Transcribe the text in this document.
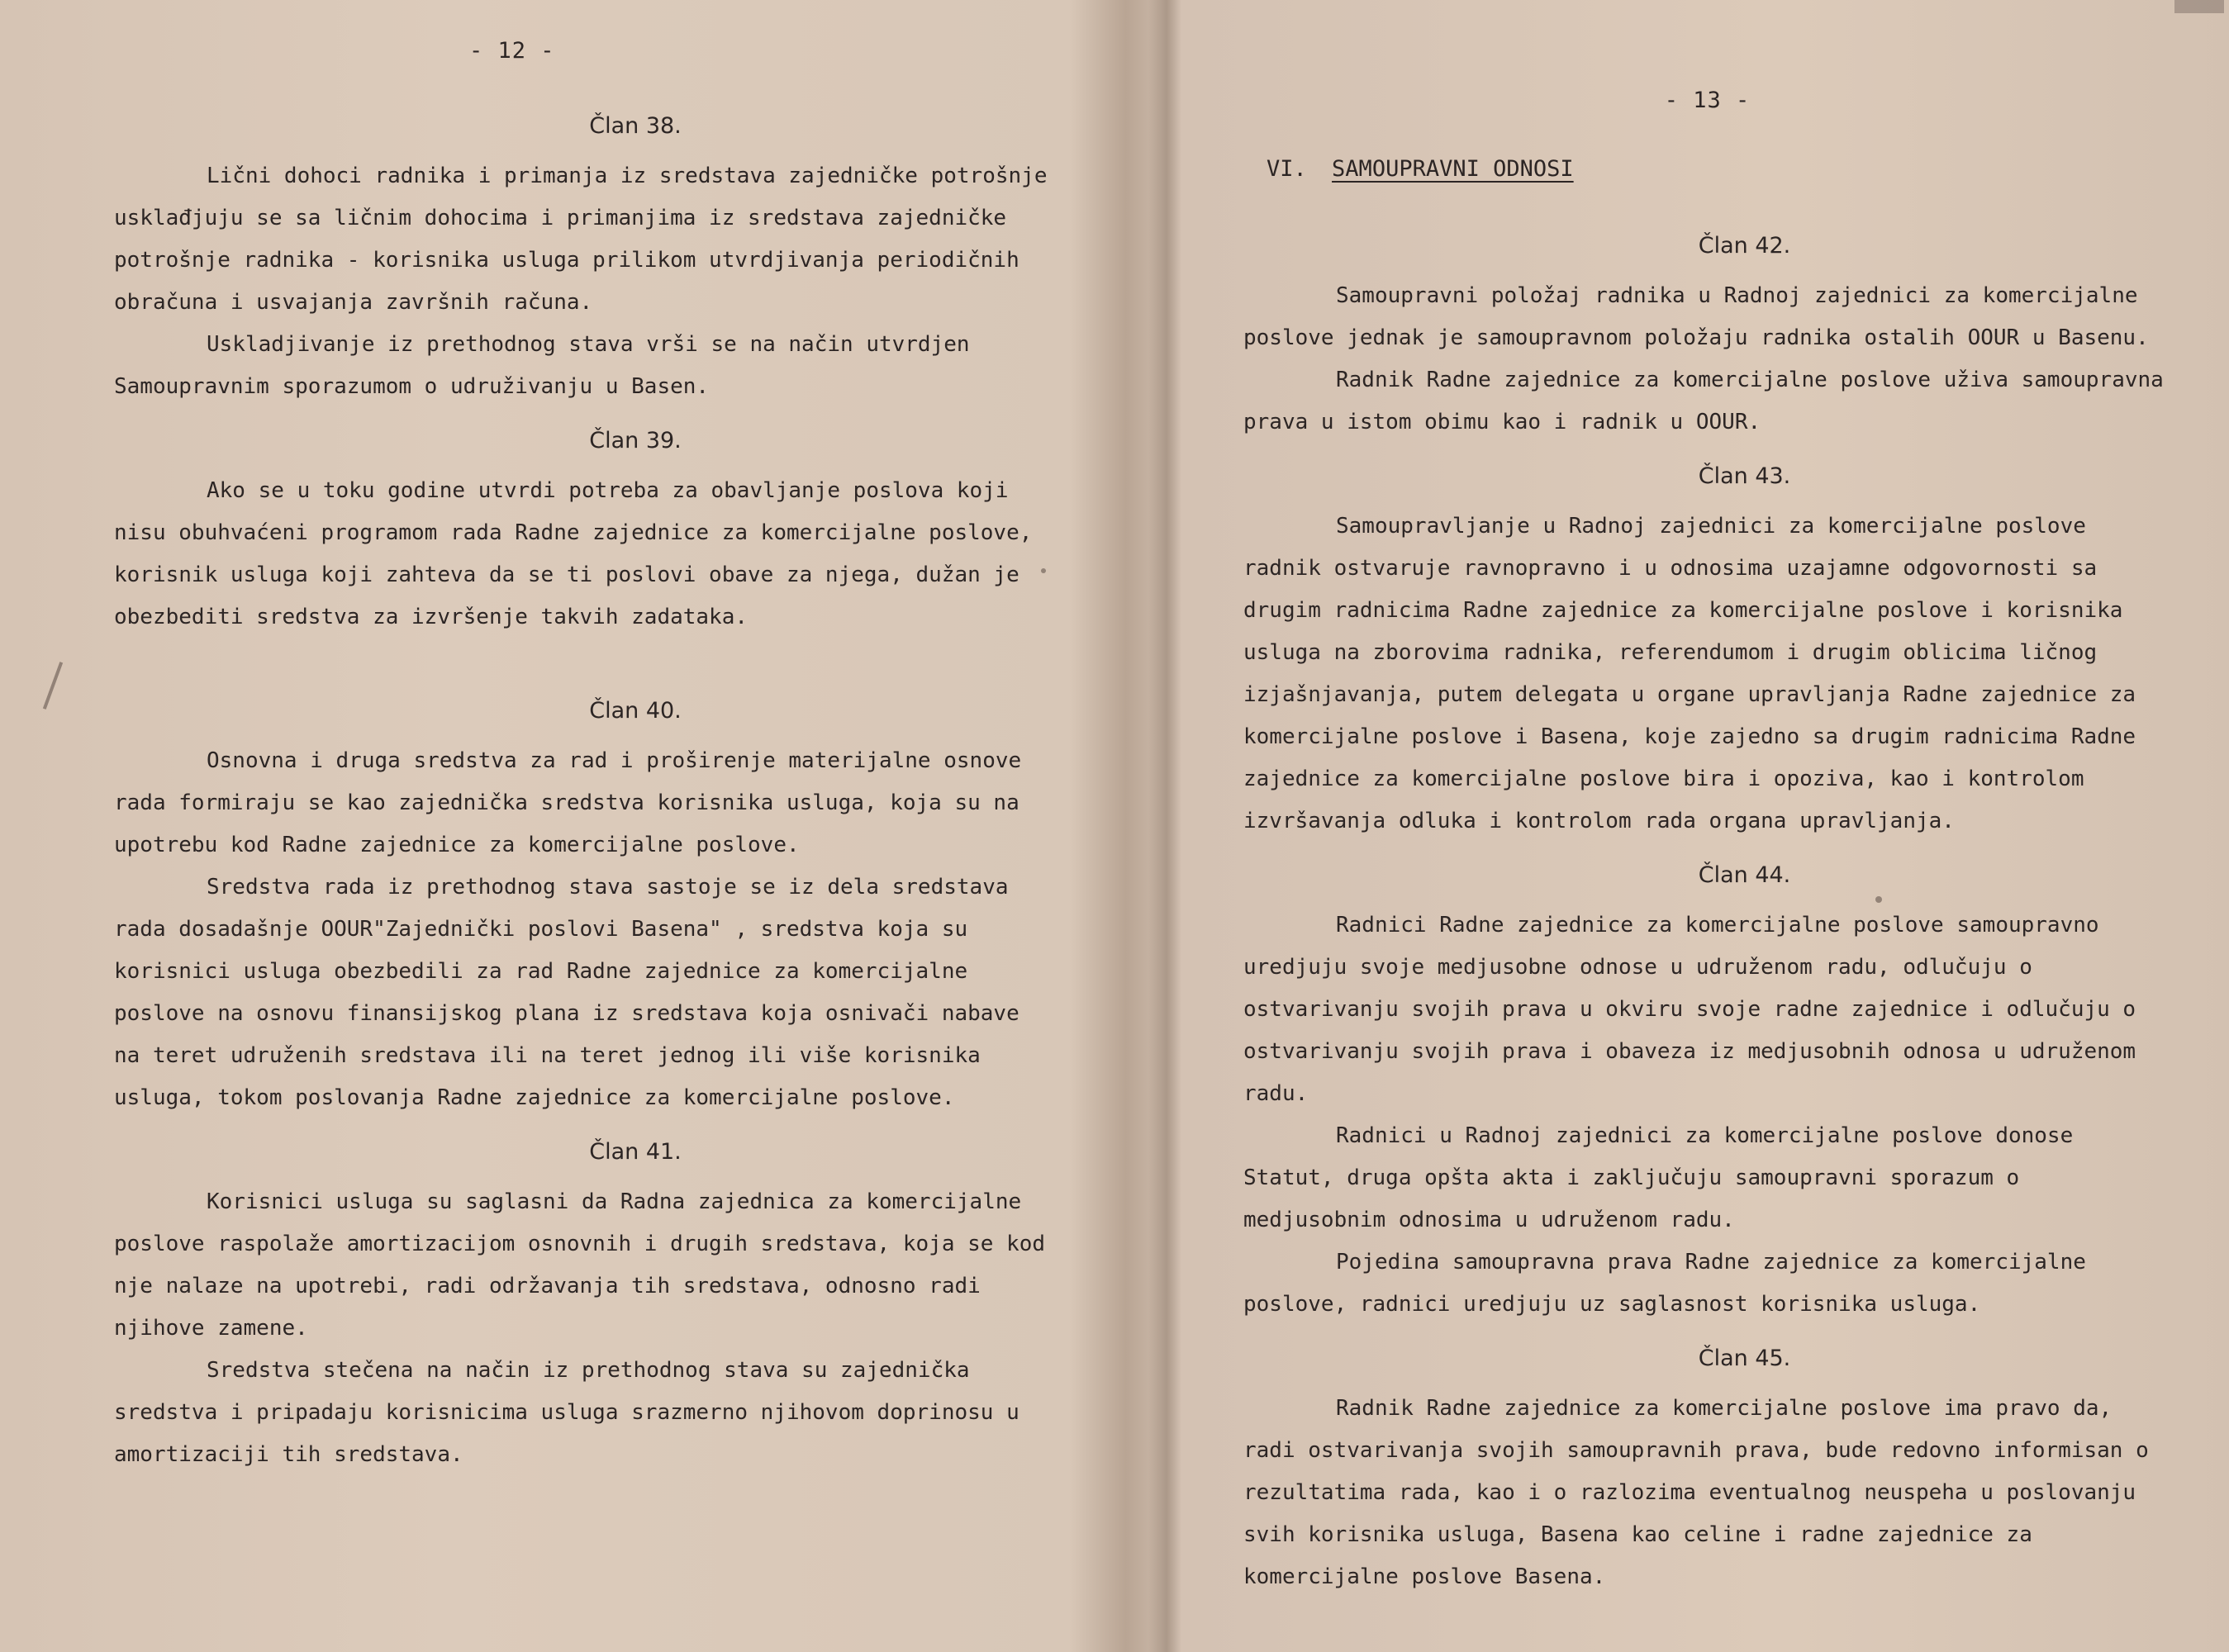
- 12 -
Član 38.

Lični dohoci radnika i primanja iz sredstava zajedničke potrošnje usklađjuju se sa ličnim dohocima i primanjima iz sredstava zajedničke potrošnje radnika - korisnika usluga prilikom utvrdjivanja periodičnih obračuna i usvajanja završnih računa.

Uskladjivanje iz prethodnog stava vrši se na način utvrdjen Samoupravnim sporazumom o udruživanju u Basen.

Član 39.

Ako se u toku godine utvrdi potreba za obavljanje poslova koji nisu obuhvaćeni programom rada Radne zajednice za komercijalne poslove, korisnik usluga koji zahteva da se ti poslovi obave za njega, dužan je obezbediti sredstva za izvršenje takvih zadataka.

Član 40.

Osnovna i druga sredstva za rad i proširenje materijalne osnove rada formiraju se kao zajednička sredstva korisnika usluga, koja su na upotrebu kod Radne zajednice za komercijalne poslove.

Sredstva rada iz prethodnog stava sastoje se iz dela sredstava rada dosadašnje OOUR"Zajednički poslovi Basena" , sredstva koja su korisnici usluga obezbedili za rad Radne zajednice za komercijalne poslove na osnovu finansijskog plana iz sredstava koja osnivači nabave na teret udruženih sredstava ili na teret jednog ili više korisnika usluga, tokom poslovanja Radne zajednice za komercijalne poslove.

Član 41.

Korisnici usluga su saglasni da Radna zajednica za komercijalne poslove raspolaže amortizacijom osnovnih i drugih sredstava, koja se kod nje nalaze na upotrebi, radi održavanja tih sredstava, odnosno radi njihove zamene.

Sredstva stečena na način iz prethodnog stava su zajednička sredstva i pripadaju korisnicima usluga srazmerno njihovom doprinosu u amortizaciji tih sredstava.

- 13 -
VI. SAMOUPRAVNI ODNOSI
Član 42.

Samoupravni položaj radnika u Radnoj zajednici za komercijalne poslove jednak je samoupravnom položaju radnika ostalih OOUR u Basenu.

Radnik Radne zajednice za komercijalne poslove uživa samoupravna prava u istom obimu kao i radnik u OOUR.

Član 43.

Samoupravljanje u Radnoj zajednici za komercijalne poslove radnik ostvaruje ravnopravno i u odnosima uzajamne odgovornosti sa drugim radnicima Radne zajednice za komercijalne poslove i korisnika usluga na zborovima radnika, referendumom i drugim oblicima ličnog izjašnjavanja, putem delegata u organe upravljanja Radne zajednice za komercijalne poslove i Basena, koje zajedno sa drugim radnicima Radne zajednice za komercijalne poslove bira i opoziva, kao i kontrolom izvršavanja odluka i kontrolom rada organa upravljanja.

Član 44.

Radnici Radne zajednice za komercijalne poslove samoupravno uredjuju svoje medjusobne odnose u udruženom radu, odlučuju o ostvarivanju svojih prava u okviru svoje radne zajednice i odlučuju o ostvarivanju svojih prava i obaveza iz medjusobnih odnosa u udruženom radu.

Radnici u Radnoj zajednici za komercijalne poslove donose Statut, druga opšta akta i zaključuju samoupravni sporazum o medjusobnim odnosima u udruženom radu.

Pojedina samoupravna prava Radne zajednice za komercijalne poslove, radnici uredjuju uz saglasnost korisnika usluga.

Član 45.

Radnik Radne zajednice za komercijalne poslove ima pravo da, radi ostvarivanja svojih samoupravnih prava, bude redovno informisan o rezultatima rada, kao i o razlozima eventualnog neuspeha u poslovanju svih korisnika usluga, Basena kao celine i radne zajednice za komercijalne poslove Basena.
